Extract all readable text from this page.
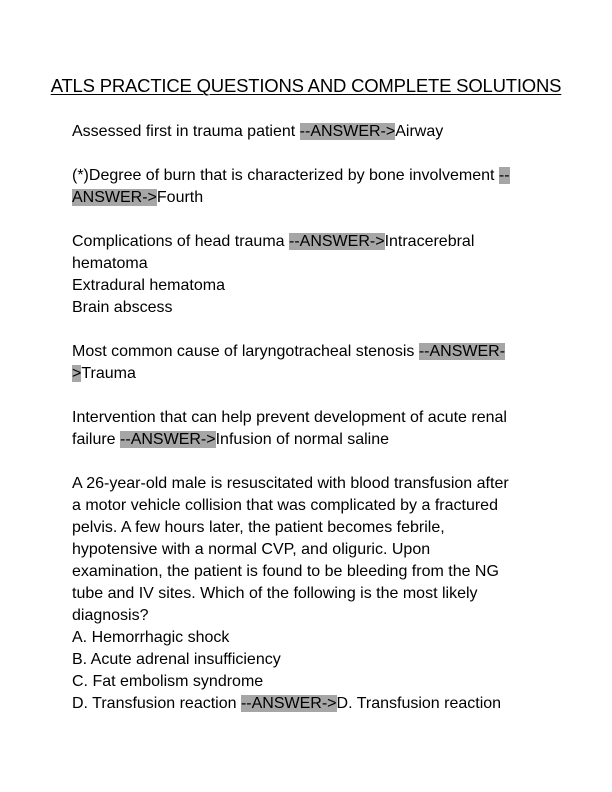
ATLS PRACTICE QUESTIONS AND COMPLETE SOLUTIONS
Assessed first in trauma patient --ANSWER->Airway
(*)Degree of burn that is characterized by bone involvement --
ANSWER->Fourth
Complications of head trauma --ANSWER->Intracerebral
hematoma
Extradural hematoma
Brain abscess
Most common cause of laryngotracheal stenosis --ANSWER-
>Trauma
Intervention that can help prevent development of acute renal
failure --ANSWER->Infusion of normal saline
A 26-year-old male is resuscitated with blood transfusion after
a motor vehicle collision that was complicated by a fractured
pelvis. A few hours later, the patient becomes febrile,
hypotensive with a normal CVP, and oliguric. Upon
examination, the patient is found to be bleeding from the NG
tube and IV sites. Which of the following is the most likely
diagnosis?
A. Hemorrhagic shock
B. Acute adrenal insufficiency
C. Fat embolism syndrome
D. Transfusion reaction --ANSWER->D. Transfusion reaction
